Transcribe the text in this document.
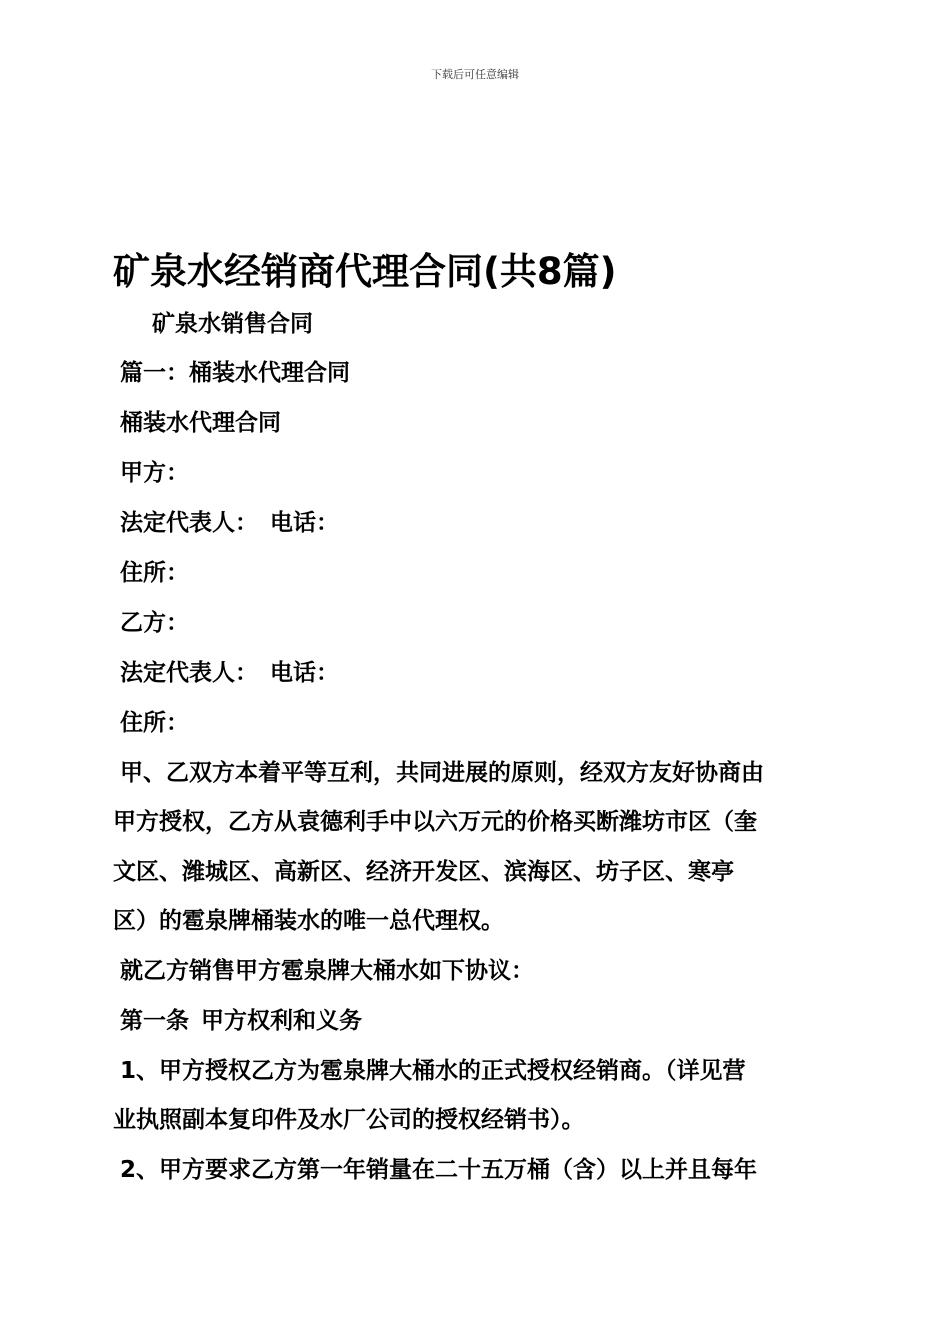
下载后可任意编辑
矿泉水经销商代理合同(共8篇)
矿泉水销售合同
篇一：桶装水代理合同
桶装水代理合同
甲方：
法定代表人： 电话：
住所：
乙方：
法定代表人： 电话：
住所：
甲、乙双方本着平等互利，共同进展的原则，经双方友好协商由
甲方授权，乙方从袁德利手中以六万元的价格买断潍坊市区（奎
文区、潍城区、高新区、经济开发区、滨海区、坊子区、寒亭
区）的雹泉牌桶装水的唯一总代理权。
就乙方销售甲方雹泉牌大桶水如下协议：
第一条 甲方权利和义务
1、甲方授权乙方为雹泉牌大桶水的正式授权经销商。（详见营
业执照副本复印件及水厂公司的授权经销书）。
2、甲方要求乙方第一年销量在二十五万桶（含）以上并且每年
